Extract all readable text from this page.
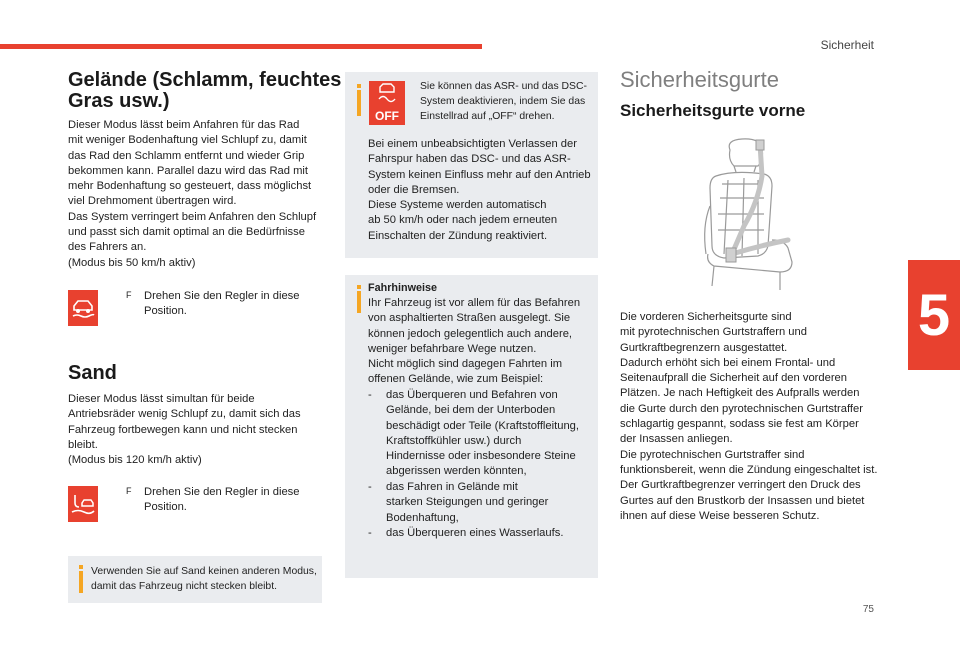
Sicherheit
5
75
Gelände (Schlamm, feuchtes
Gras usw.)

Dieser Modus lässt beim Anfahren für das Rad
mit weniger Bodenhaftung viel Schlupf zu, damit
das Rad den Schlamm entfernt und wieder Grip
bekommen kann. Parallel dazu wird das Rad mit
mehr Bodenhaftung so gesteuert, dass möglichst
viel Drehmoment übertragen wird.
Das System verringert beim Anfahren den Schlupf
und passt sich damit optimal an die Bedürfnisse
des Fahrers an.
(Modus bis 50 km/h aktiv)

F Drehen Sie den Regler in diese
Position.
Sand

Dieser Modus lässt simultan für beide
Antriebsräder wenig Schlupf zu, damit sich das
Fahrzeug fortbewegen kann und nicht stecken
bleibt.
(Modus bis 120 km/h aktiv)

F Drehen Sie den Regler in diese
Position.
Verwenden Sie auf Sand keinen anderen Modus,
damit das Fahrzeug nicht stecken bleibt.
OFF
Sie können das ASR- und das DSC-
System deaktivieren, indem Sie das
Einstellrad auf „OFF“ drehen.
Bei einem unbeabsichtigten Verlassen der
Fahrspur haben das DSC- und das ASR-
System keinen Einfluss mehr auf den Antrieb
oder die Bremsen.
Diese Systeme werden automatisch
ab 50 km/h oder nach jedem erneuten
Einschalten der Zündung reaktiviert.
Fahrhinweise
Ihr Fahrzeug ist vor allem für das Befahren
von asphaltierten Straßen ausgelegt. Sie
können jedoch gelegentlich auch andere,
weniger befahrbare Wege nutzen.
Nicht möglich sind dagegen Fahrten im
offenen Gelände, wie zum Beispiel:
- das Überqueren und Befahren von
Gelände, bei dem der Unterboden
beschädigt oder Teile (Kraftstoffleitung,
Kraftstoffkühler usw.) durch
Hindernisse oder insbesondere Steine
abgerissen werden könnten,
- das Fahren in Gelände mit
starken Steigungen und geringer
Bodenhaftung,
- das Überqueren eines Wasserlaufs.
Sicherheitsgurte
Sicherheitsgurte vorne

Die vorderen Sicherheitsgurte sind
mit pyrotechnischen Gurtstraffern und
Gurtkraftbegrenzern ausgestattet.
Dadurch erhöht sich bei einem Frontal- und
Seitenaufprall die Sicherheit auf den vorderen
Plätzen. Je nach Heftigkeit des Aufpralls werden
die Gurte durch den pyrotechnischen Gurtstraffer
schlagartig gespannt, sodass sie fest am Körper
der Insassen anliegen.
Die pyrotechnischen Gurtstraffer sind
funktionsbereit, wenn die Zündung eingeschaltet ist.
Der Gurtkraftbegrenzer verringert den Druck des
Gurtes auf den Brustkorb der Insassen und bietet
ihnen auf diese Weise besseren Schutz.
